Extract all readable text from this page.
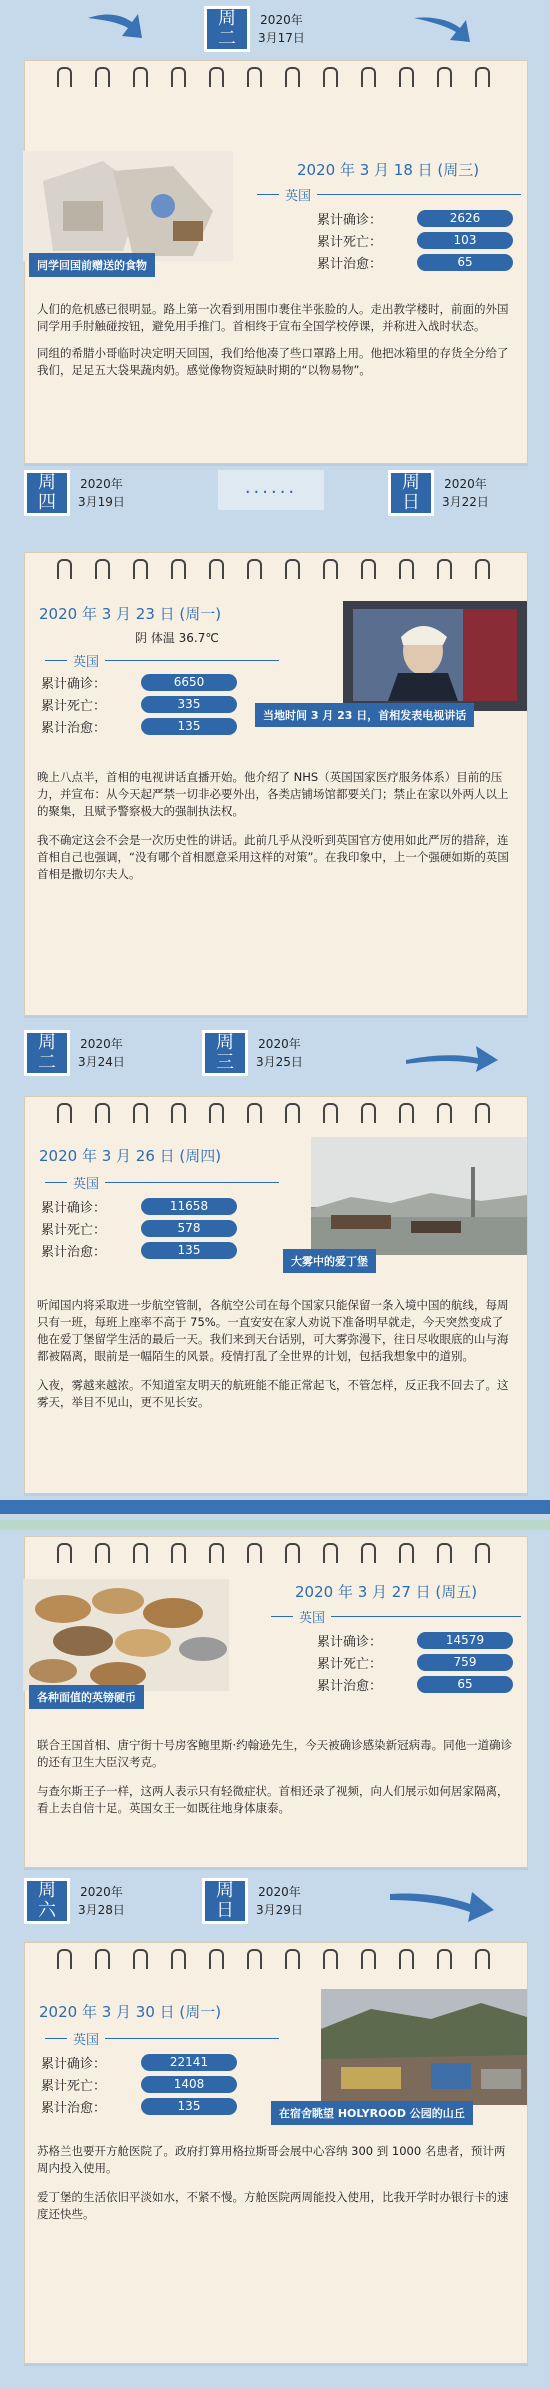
周
二
2020年
3月17日
同学回国前赠送的食物
2020 年 3 月 18 日 (周三)
英国
累计确诊：	2626
累计死亡：	103
累计治愈：	65

人们的危机感已很明显。路上第一次看到用围巾裹住半张脸的人。走出教学楼时，前面的外国同学用手肘触碰按钮，避免用手推门。首相终于宣布全国学校停课，并称进入战时状态。

同组的希腊小哥临时决定明天回国，我们给他凑了些口罩路上用。他把冰箱里的存货全分给了我们，足足五大袋果蔬肉奶。感觉像物资短缺时期的“以物易物”。

周
四
2020年
3月19日
......	周
日
2020年
3月22日
2020 年 3 月 23 日 (周一)
阴 体温 36.7℃
英国
累计确诊：	6650
累计死亡：	335
累计治愈：	135
当地时间 3 月 23 日，首相发表电视讲话

晚上八点半，首相的电视讲话直播开始。他介绍了 NHS（英国国家医疗服务体系）目前的压力，并宣布：从今天起严禁一切非必要外出，各类店铺场馆都要关门；禁止在家以外两人以上的聚集，且赋予警察极大的强制执法权。

我不确定这会不会是一次历史性的讲话。此前几乎从没听到英国官方使用如此严厉的措辞，连首相自己也强调，“没有哪个首相愿意采用这样的对策”。在我印象中，上一个强硬如斯的英国首相是撒切尔夫人。

周
二
2020年
3月24日
周
三
2020年
3月25日
2020 年 3 月 26 日 (周四)
英国
累计确诊：	11658
累计死亡：	578
累计治愈：	135
大雾中的爱丁堡

听闻国内将采取进一步航空管制，各航空公司在每个国家只能保留一条入境中国的航线，每周只有一班，每班上座率不高于 75%。一直安安在家人劝说下准备明早就走，今天突然变成了他在爱丁堡留学生活的最后一天。我们来到天台话别，可大雾弥漫下，往日尽收眼底的山与海都被隔离，眼前是一幅陌生的风景。疫情打乱了全世界的计划，包括我想象中的道别。

入夜，雾越来越浓。不知道室友明天的航班能不能正常起飞，不管怎样，反正我不回去了。这雾天，举目不见山，更不见长安。

各种面值的英镑硬币
2020 年 3 月 27 日 (周五)
英国
累计确诊：	14579
累计死亡：	759
累计治愈：	65

联合王国首相、唐宁街十号房客鲍里斯·约翰逊先生，今天被确诊感染新冠病毒。同他一道确诊的还有卫生大臣汉考克。

与查尔斯王子一样，这两人表示只有轻微症状。首相还录了视频，向人们展示如何居家隔离，看上去自信十足。英国女王一如既往地身体康泰。

周
六
2020年
3月28日
周
日
2020年
3月29日
2020 年 3 月 30 日 (周一)
英国
累计确诊：	22141
累计死亡：	1408
累计治愈：	135
在宿舍眺望 HOLYROOD 公园的山丘

苏格兰也要开方舱医院了。政府打算用格拉斯哥会展中心容纳 300 到 1000 名患者，预计两周内投入使用。

爱丁堡的生活依旧平淡如水，不紧不慢。方舱医院两周能投入使用，比我开学时办银行卡的速度还快些。
